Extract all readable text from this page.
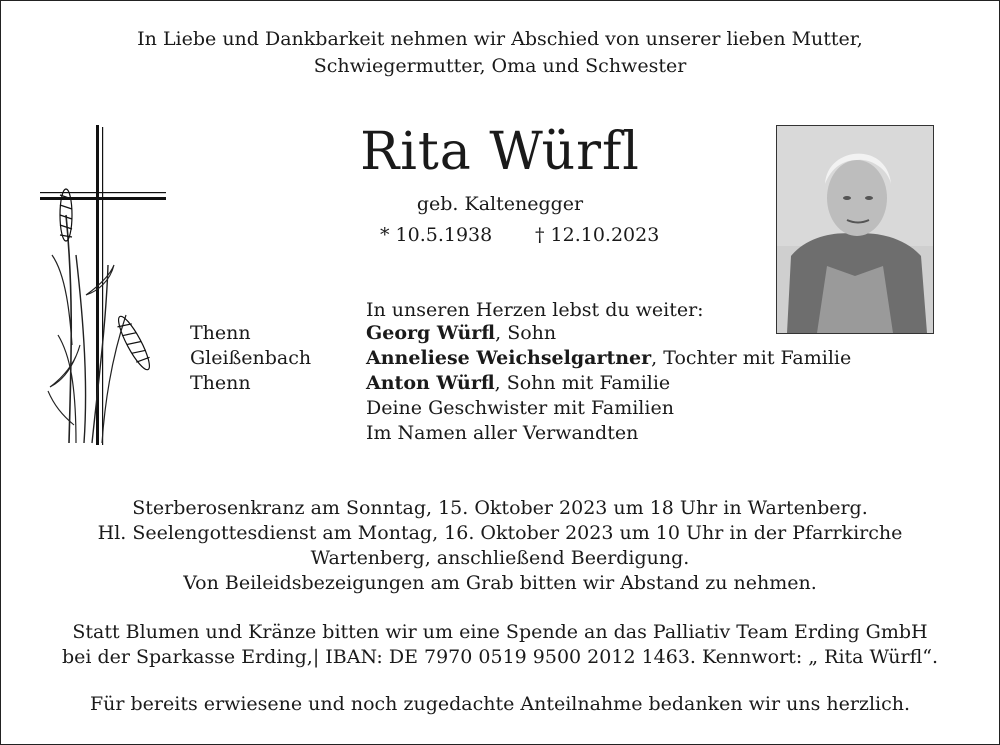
In Liebe und Dankbarkeit nehmen wir Abschied von unserer lieben Mutter,
Schwiegermutter, Oma und Schwester
Rita Würfl
geb. Kaltenegger
* 10.5.1938 † 12.10.2023
In unseren Herzen lebst du weiter:
Thenn
Gleißenbach
Thenn
Georg Würfl, Sohn
Anneliese Weichselgartner, Tochter mit Familie
Anton Würfl, Sohn mit Familie
Deine Geschwister mit Familien
Im Namen aller Verwandten
Sterberosenkranz am Sonntag, 15. Oktober 2023 um 18 Uhr in Wartenberg.
Hl. Seelengottesdienst am Montag, 16. Oktober 2023 um 10 Uhr in der Pfarrkirche
Wartenberg, anschließend Beerdigung.
Von Beileidsbezeigungen am Grab bitten wir Abstand zu nehmen.
Statt Blumen und Kränze bitten wir um eine Spende an das Palliativ Team Erding GmbH
bei der Sparkasse Erding,| IBAN: DE 7970 0519 9500 2012 1463. Kennwort: „ Rita Würfl“.
Für bereits erwiesene und noch zugedachte Anteilnahme bedanken wir uns herzlich.
